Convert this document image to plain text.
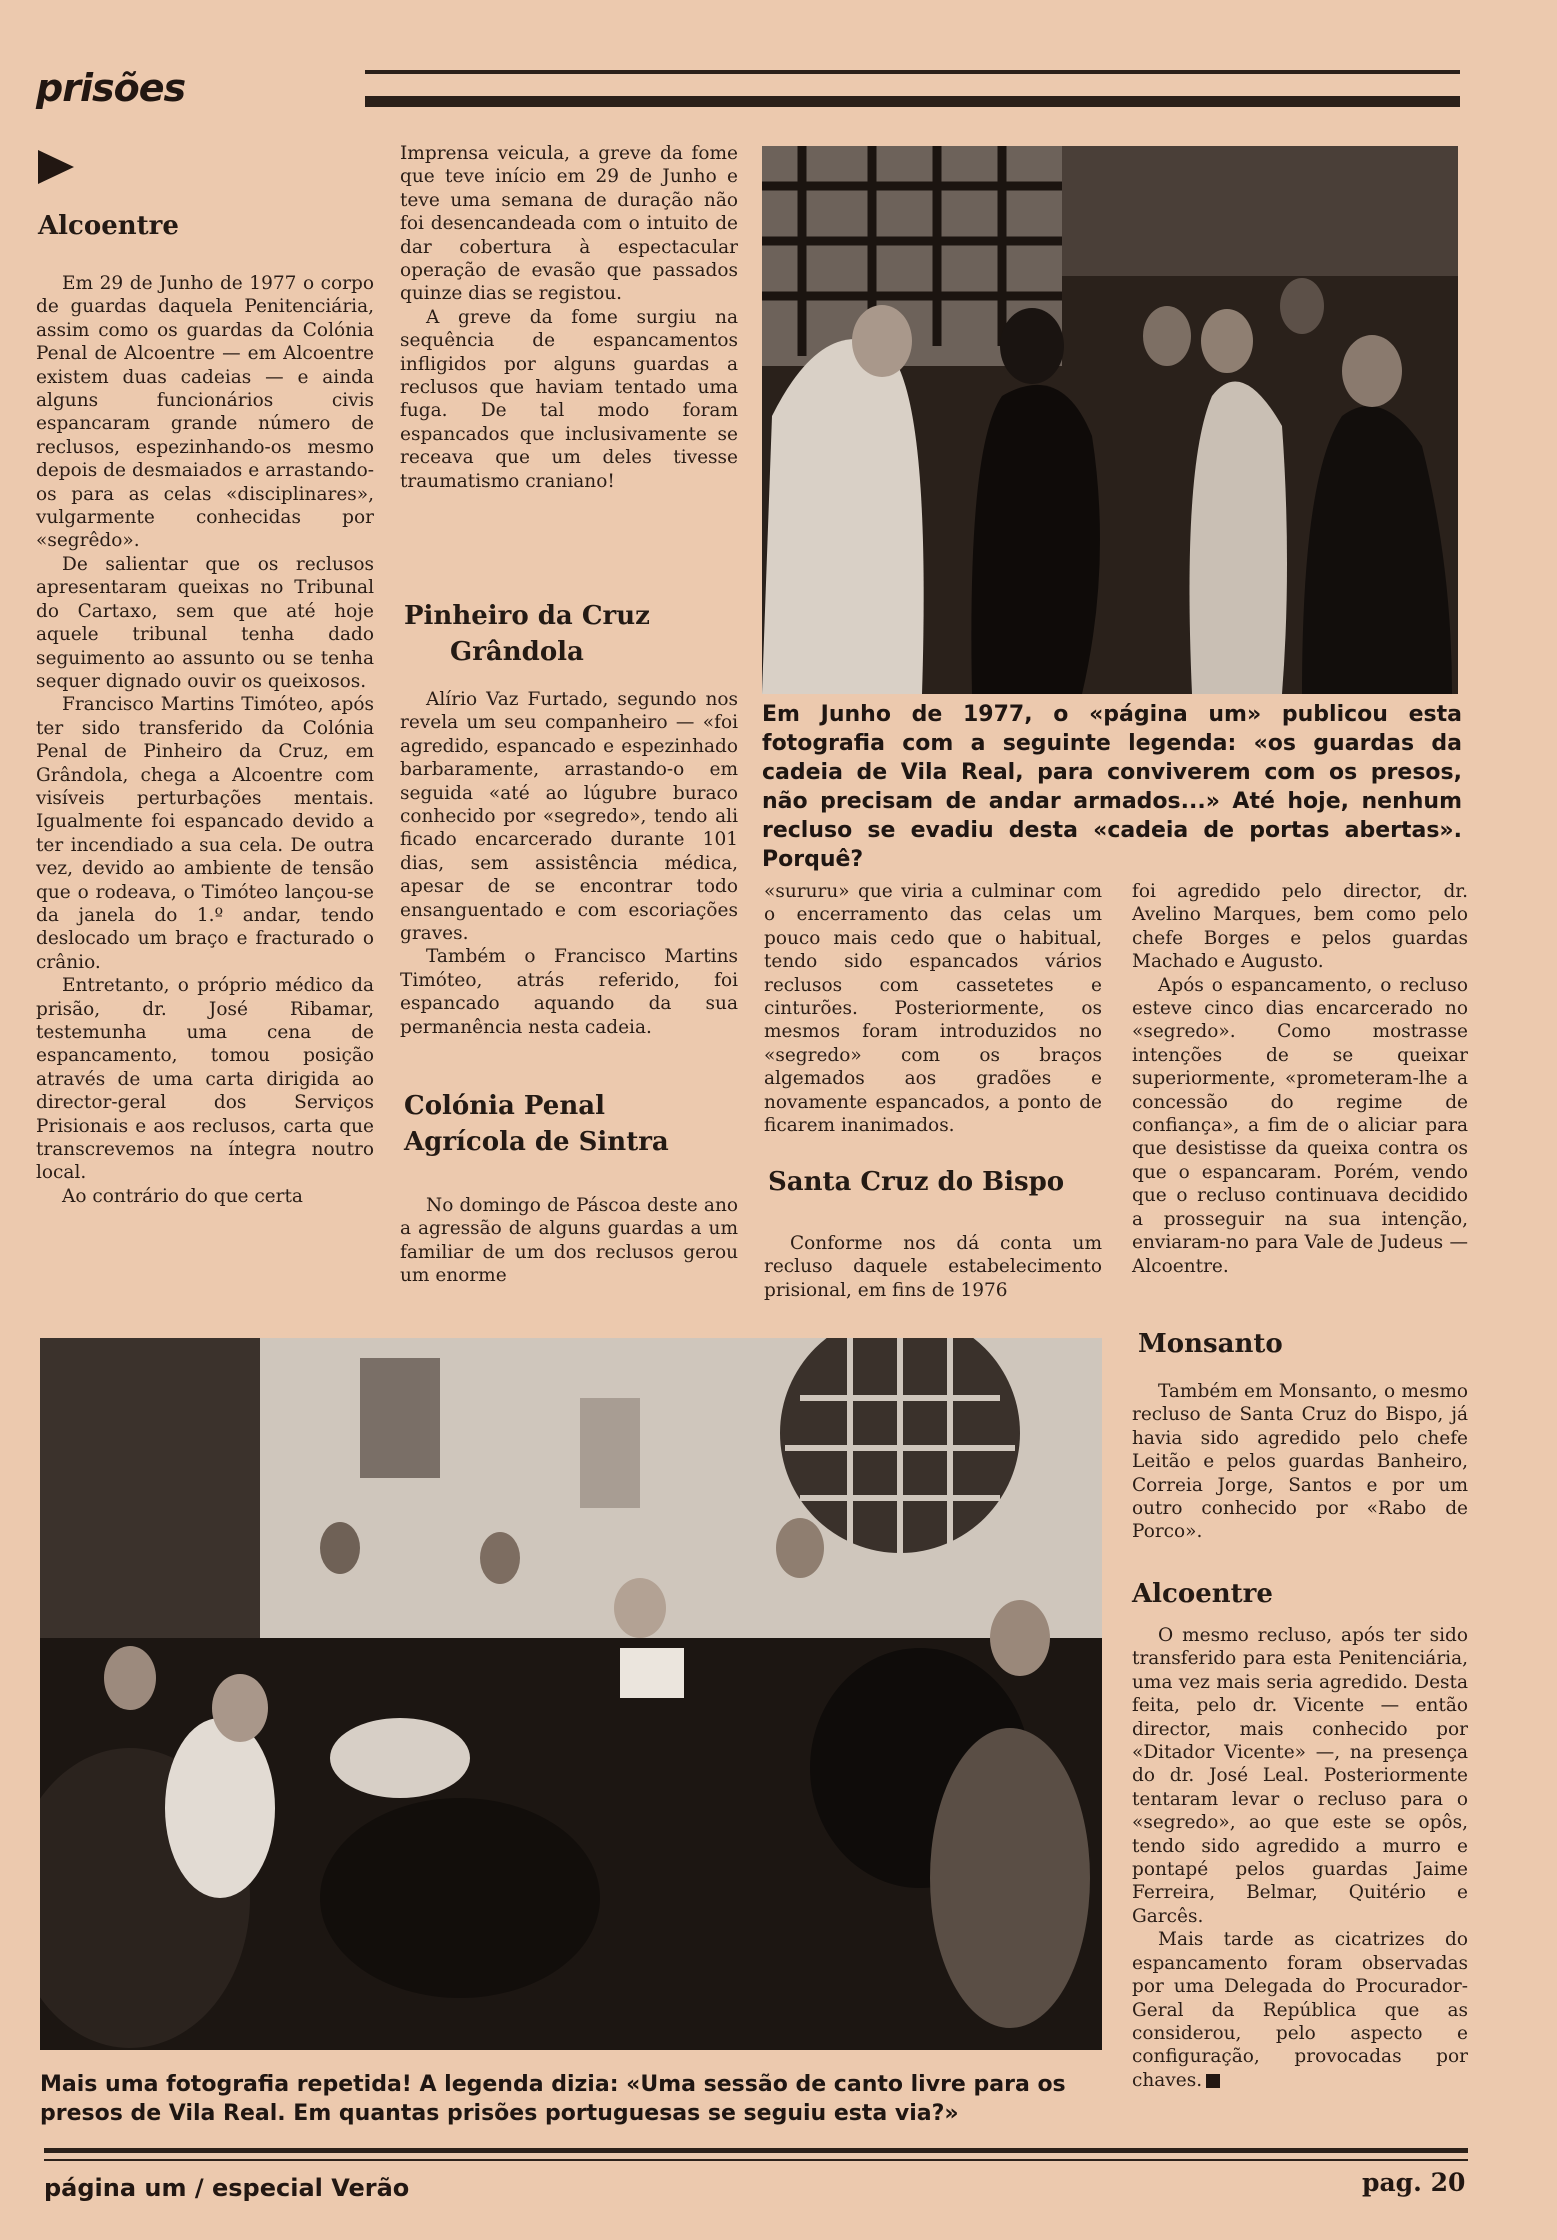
prisões
Alcoentre

Em 29 de Junho de 1977 o corpo de guardas daquela Penitenciária, assim como os guardas da Colónia Penal de Alcoentre — em Alcoentre existem duas cadeias — e ainda alguns funcionários civis espancaram grande número de reclusos, espezinhando-os mesmo depois de desmaiados e arrastando-os para as celas «disciplinares», vulgarmente conhecidas por «segrêdo».

De salientar que os reclusos apresentaram queixas no Tribunal do Cartaxo, sem que até hoje aquele tribunal tenha dado seguimento ao assunto ou se tenha sequer dignado ouvir os queixosos.

Francisco Martins Timóteo, após ter sido transferido da Colónia Penal de Pinheiro da Cruz, em Grândola, chega a Alcoentre com visíveis perturbações mentais. Igualmente foi espancado devido a ter incendiado a sua cela. De outra vez, devido ao ambiente de tensão que o rodeava, o Timóteo lançou-se da janela do 1.º andar, tendo deslocado um braço e fracturado o crânio.

Entretanto, o próprio médico da prisão, dr. José Ribamar, testemunha uma cena de espancamento, tomou posição através de uma carta dirigida ao director-geral dos Serviços Prisionais e aos reclusos, carta que transcrevemos na íntegra noutro local.

Ao contrário do que certa

Imprensa veicula, a greve da fome que teve início em 29 de Junho e teve uma semana de duração não foi desencandeada com o intuito de dar cobertura à espectacular operação de evasão que passados quinze dias se registou.

A greve da fome surgiu na sequência de espancamentos infligidos por alguns guardas a reclusos que haviam tentado uma fuga. De tal modo foram espancados que inclusivamente se receava que um deles tivesse traumatismo craniano!

Pinheiro da Cruz
Grândola

Alírio Vaz Furtado, segundo nos revela um seu companheiro — «foi agredido, espancado e espezinhado barbaramente, arrastando-o em seguida «até ao lúgubre buraco conhecido por «segredo», tendo ali ficado encarcerado durante 101 dias, sem assistência médica, apesar de se encontrar todo ensanguentado e com escoriações graves.

Também o Francisco Martins Timóteo, atrás referido, foi espancado aquando da sua permanência nesta cadeia.

Colónia Penal
Agrícola de Sintra

No domingo de Páscoa deste ano a agressão de alguns guardas a um familiar de um dos reclusos gerou um enorme

Em Junho de 1977, o «página um» publicou esta fotografia com a seguinte legenda: «os guardas da cadeia de Vila Real, para conviverem com os presos, não precisam de andar armados...» Até hoje, nenhum recluso se evadiu desta «cadeia de portas abertas». Porquê?

«sururu» que viria a culminar com o encerramento das celas um pouco mais cedo que o habitual, tendo sido espancados vários reclusos com cassetetes e cinturões. Posteriormente, os mesmos foram introduzidos no «segredo» com os braços algemados aos gradões e novamente espancados, a ponto de ficarem inanimados.

Santa Cruz do Bispo

Conforme nos dá conta um recluso daquele estabelecimento prisional, em fins de 1976

foi agredido pelo director, dr. Avelino Marques, bem como pelo chefe Borges e pelos guardas Machado e Augusto.

Após o espancamento, o recluso esteve cinco dias encarcerado no «segredo». Como mostrasse intenções de se queixar superiormente, «prometeram-lhe a concessão do regime de confiança», a fim de o aliciar para que desistisse da queixa contra os que o espancaram. Porém, vendo que o recluso continuava decidido a prosseguir na sua intenção, enviaram-no para Vale de Judeus — Alcoentre.

Monsanto

Também em Monsanto, o mesmo recluso de Santa Cruz do Bispo, já havia sido agredido pelo chefe Leitão e pelos guardas Banheiro, Correia Jorge, Santos e por um outro conhecido por «Rabo de Porco».

Alcoentre

O mesmo recluso, após ter sido transferido para esta Penitenciária, uma vez mais seria agredido. Desta feita, pelo dr. Vicente — então director, mais conhecido por «Ditador Vicente» —, na presença do dr. José Leal. Posteriormente tentaram levar o recluso para o «segredo», ao que este se opôs, tendo sido agredido a murro e pontapé pelos guardas Jaime Ferreira, Belmar, Quitério e Garcês.

Mais tarde as cicatrizes do espancamento foram observadas por uma Delegada do Procurador-Geral da República que as considerou, pelo aspecto e configuração, provocadas por chaves.

Mais uma fotografia repetida! A legenda dizia: «Uma sessão de canto livre para os presos de Vila Real. Em quantas prisões portuguesas se seguiu esta via?»
página um / especial Verão	pag. 20
